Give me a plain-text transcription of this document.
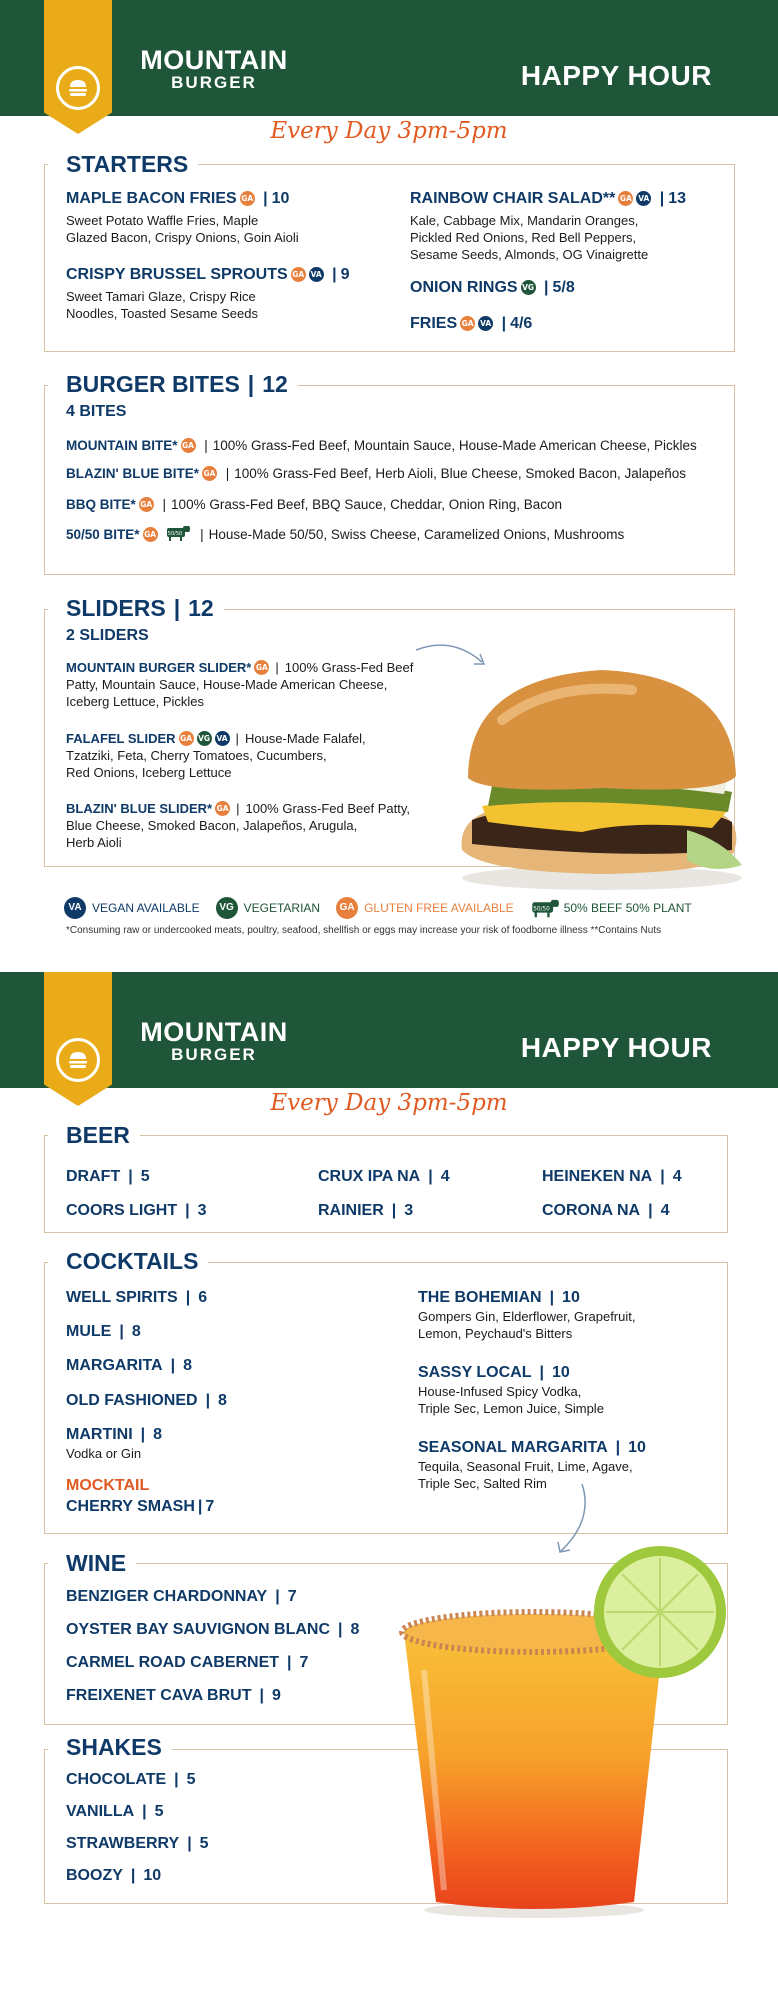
MOUNTAIN
BURGER	HAPPY HOUR
Every Day 3pm-5pm
STARTERS
MAPLE BACON FRIES GA | 10
Sweet Potato Waffle Fries, Maple
Glazed Bacon, Crispy Onions, Goin Aioli
CRISPY BRUSSEL SPROUTS GA VA | 9
Sweet Tamari Glaze, Crispy Rice
Noodles, Toasted Sesame Seeds
RAINBOW CHAIR SALAD** GA VA | 13
Kale, Cabbage Mix, Mandarin Oranges,
Pickled Red Onions, Red Bell Peppers,
Sesame Seeds, Almonds, OG Vinaigrette
ONION RINGS VG | 5/8
FRIES GA VA | 4/6
BURGER BITES | 12
4 BITES
MOUNTAIN BITE* GA | 100% Grass-Fed Beef, Mountain Sauce, House-Made American Cheese, Pickles
BLAZIN' BLUE BITE* GA | 100% Grass-Fed Beef, Herb Aioli, Blue Cheese, Smoked Bacon, Jalapeños
BBQ BITE* GA | 100% Grass-Fed Beef, BBQ Sauce, Cheddar, Onion Ring, Bacon
50/50 BITE* GA 50/50 | House-Made 50/50, Swiss Cheese, Caramelized Onions, Mushrooms
SLIDERS | 12
2 SLIDERS
MOUNTAIN BURGER SLIDER* GA | 100% Grass-Fed Beef
Patty, Mountain Sauce, House-Made American Cheese,
Iceberg Lettuce, Pickles
FALAFEL SLIDER GA VG VA | House-Made Falafel,
Tzatziki, Feta, Cherry Tomatoes, Cucumbers,
Red Onions, Iceberg Lettuce
BLAZIN' BLUE SLIDER* GA | 100% Grass-Fed Beef Patty,
Blue Cheese, Smoked Bacon, Jalapeños, Arugula,
Herb Aioli
VA VEGAN AVAILABLE	VG VEGETARIAN	GA GLUTEN FREE AVAILABLE	50/50 50% BEEF 50% PLANT
*Consuming raw or undercooked meats, poultry, seafood, shellfish or eggs may increase your risk of foodborne illness **Contains Nuts
MOUNTAIN
BURGER	HAPPY HOUR
Every Day 3pm-5pm
BEER
DRAFT | 5	CRUX IPA NA | 4	HEINEKEN NA | 4
COORS LIGHT | 3	RAINIER | 3	CORONA NA | 4
COCKTAILS
WELL SPIRITS | 6
MULE | 8
MARGARITA | 8
OLD FASHIONED | 8
MARTINI | 8
Vodka or Gin
MOCKTAIL
CHERRY SMASH | 7
THE BOHEMIAN | 10
Gompers Gin, Elderflower, Grapefruit,
Lemon, Peychaud's Bitters
SASSY LOCAL | 10
House-Infused Spicy Vodka,
Triple Sec, Lemon Juice, Simple
SEASONAL MARGARITA | 10
Tequila, Seasonal Fruit, Lime, Agave,
Triple Sec, Salted Rim
WINE
BENZIGER CHARDONNAY | 7
OYSTER BAY SAUVIGNON BLANC | 8
CARMEL ROAD CABERNET | 7
FREIXENET CAVA BRUT | 9
SHAKES
CHOCOLATE | 5
VANILLA | 5
STRAWBERRY | 5
BOOZY | 10
